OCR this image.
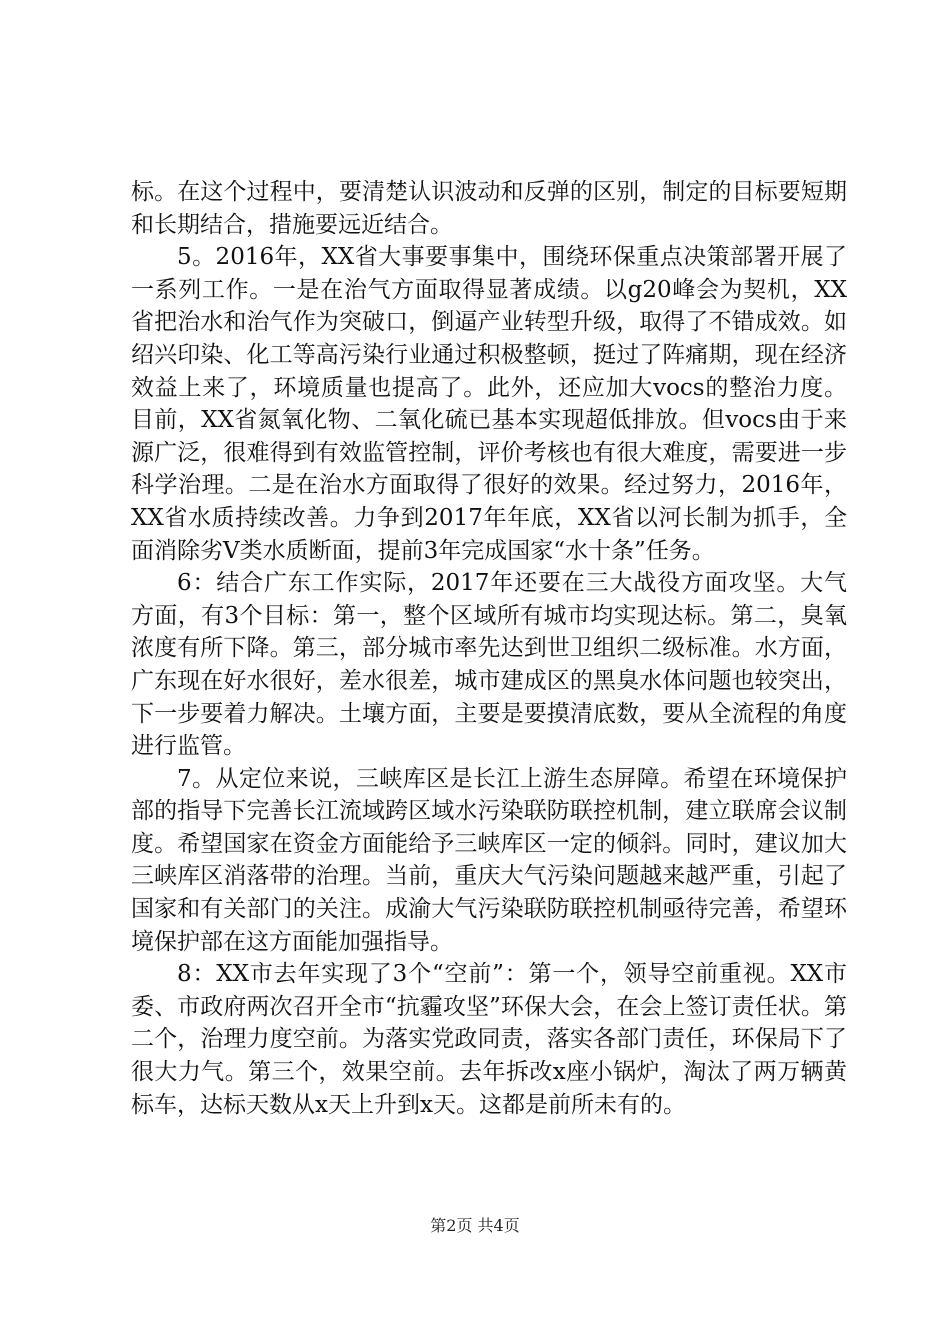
标。在这个过程中，要清楚认识波动和反弹的区别，制定的目标要短期和长期结合，措施要远近结合。

5。2016年，XX省大事要事集中，围绕环保重点决策部署开展了一系列工作。一是在治气方面取得显著成绩。以g20峰会为契机，XX省把治水和治气作为突破口，倒逼产业转型升级，取得了不错成效。如绍兴印染、化工等高污染行业通过积极整顿，挺过了阵痛期，现在经济效益上来了，环境质量也提高了。此外，还应加大vocs的整治力度。目前，XX省氮氧化物、二氧化硫已基本实现超低排放。但vocs由于来源广泛，很难得到有效监管控制，评价考核也有很大难度，需要进一步科学治理。二是在治水方面取得了很好的效果。经过努力，2016年，XX省水质持续改善。力争到2017年年底，XX省以河长制为抓手，全面消除劣Ⅴ类水质断面，提前3年完成国家“水十条”任务。

6：结合广东工作实际，2017年还要在三大战役方面攻坚。大气方面，有3个目标：第一，整个区域所有城市均实现达标。第二，臭氧浓度有所下降。第三，部分城市率先达到世卫组织二级标准。水方面，广东现在好水很好，差水很差，城市建成区的黑臭水体问题也较突出，下一步要着力解决。土壤方面，主要是要摸清底数，要从全流程的角度进行监管。

7。从定位来说，三峡库区是长江上游生态屏障。希望在环境保护部的指导下完善长江流域跨区域水污染联防联控机制，建立联席会议制度。希望国家在资金方面能给予三峡库区一定的倾斜。同时，建议加大三峡库区消落带的治理。当前，重庆大气污染问题越来越严重，引起了国家和有关部门的关注。成渝大气污染联防联控机制亟待完善，希望环境保护部在这方面能加强指导。

8：XX市去年实现了3个“空前”：第一个，领导空前重视。XX市委、市政府两次召开全市“抗霾攻坚”环保大会，在会上签订责任状。第二个，治理力度空前。为落实党政同责，落实各部门责任，环保局下了很大力气。第三个，效果空前。去年拆改x座小锅炉，淘汰了两万辆黄标车，达标天数从x天上升到x天。这都是前所未有的。

第2页 共4页
